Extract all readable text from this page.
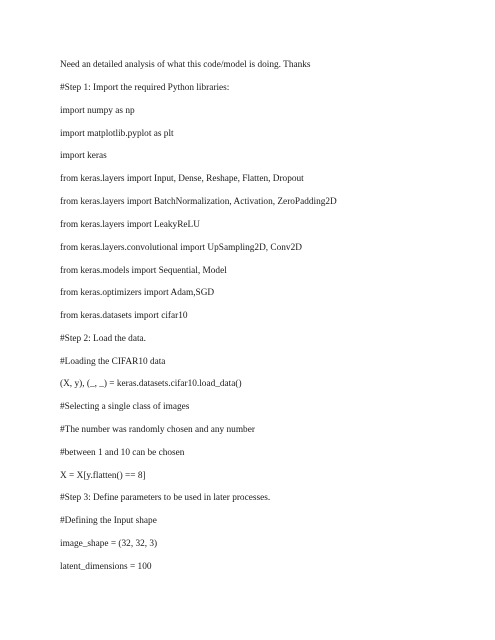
Need an detailed analysis of what this code/model is doing. Thanks
#Step 1: Import the required Python libraries:
import numpy as np
import matplotlib.pyplot as plt
import keras
from keras.layers import Input, Dense, Reshape, Flatten, Dropout
from keras.layers import BatchNormalization, Activation, ZeroPadding2D
from keras.layers import LeakyReLU
from keras.layers.convolutional import UpSampling2D, Conv2D
from keras.models import Sequential, Model
from keras.optimizers import Adam,SGD
from keras.datasets import cifar10
#Step 2: Load the data.
#Loading the CIFAR10 data
(X, y), (_, _) = keras.datasets.cifar10.load_data()
#Selecting a single class of images
#The number was randomly chosen and any number
#between 1 and 10 can be chosen
X = X[y.flatten() == 8]
#Step 3: Define parameters to be used in later processes.
#Defining the Input shape
image_shape = (32, 32, 3)
latent_dimensions = 100
